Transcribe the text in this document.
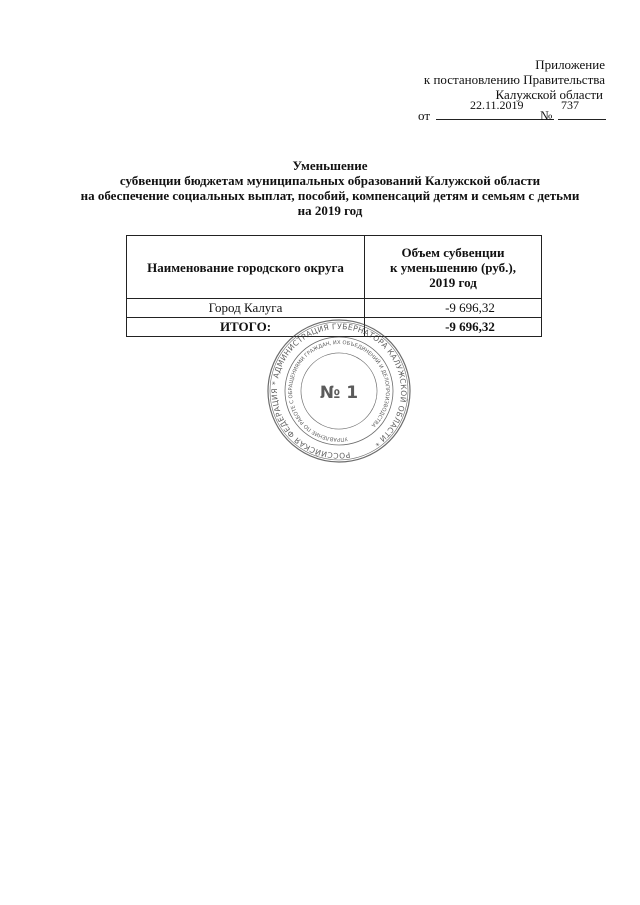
Приложение
к постановлению Правительства
Калужской области
от
22.11.2019
№
737
Уменьшение
субвенции бюджетам муниципальных образований Калужской области
на обеспечение социальных выплат, пособий, компенсаций детям и семьям с детьми
на 2019 год
Наименование городского округа	Объем субвенции
к уменьшению (руб.),
2019 год
Город Калуга	-9 696,32
ИТОГО:	-9 696,32
РОССИЙСКАЯ ФЕДЕРАЦИЯ * АДМИНИСТРАЦИЯ ГУБЕРНАТОРА КАЛУЖСКОЙ ОБЛАСТИ *
УПРАВЛЕНИЕ ПО РАБОТЕ С ОБРАЩЕНИЯМИ ГРАЖДАН, ИХ ОБЪЕДИНЕНИЙ И ДЕЛОПРОИЗВОДСТВА
№ 1
